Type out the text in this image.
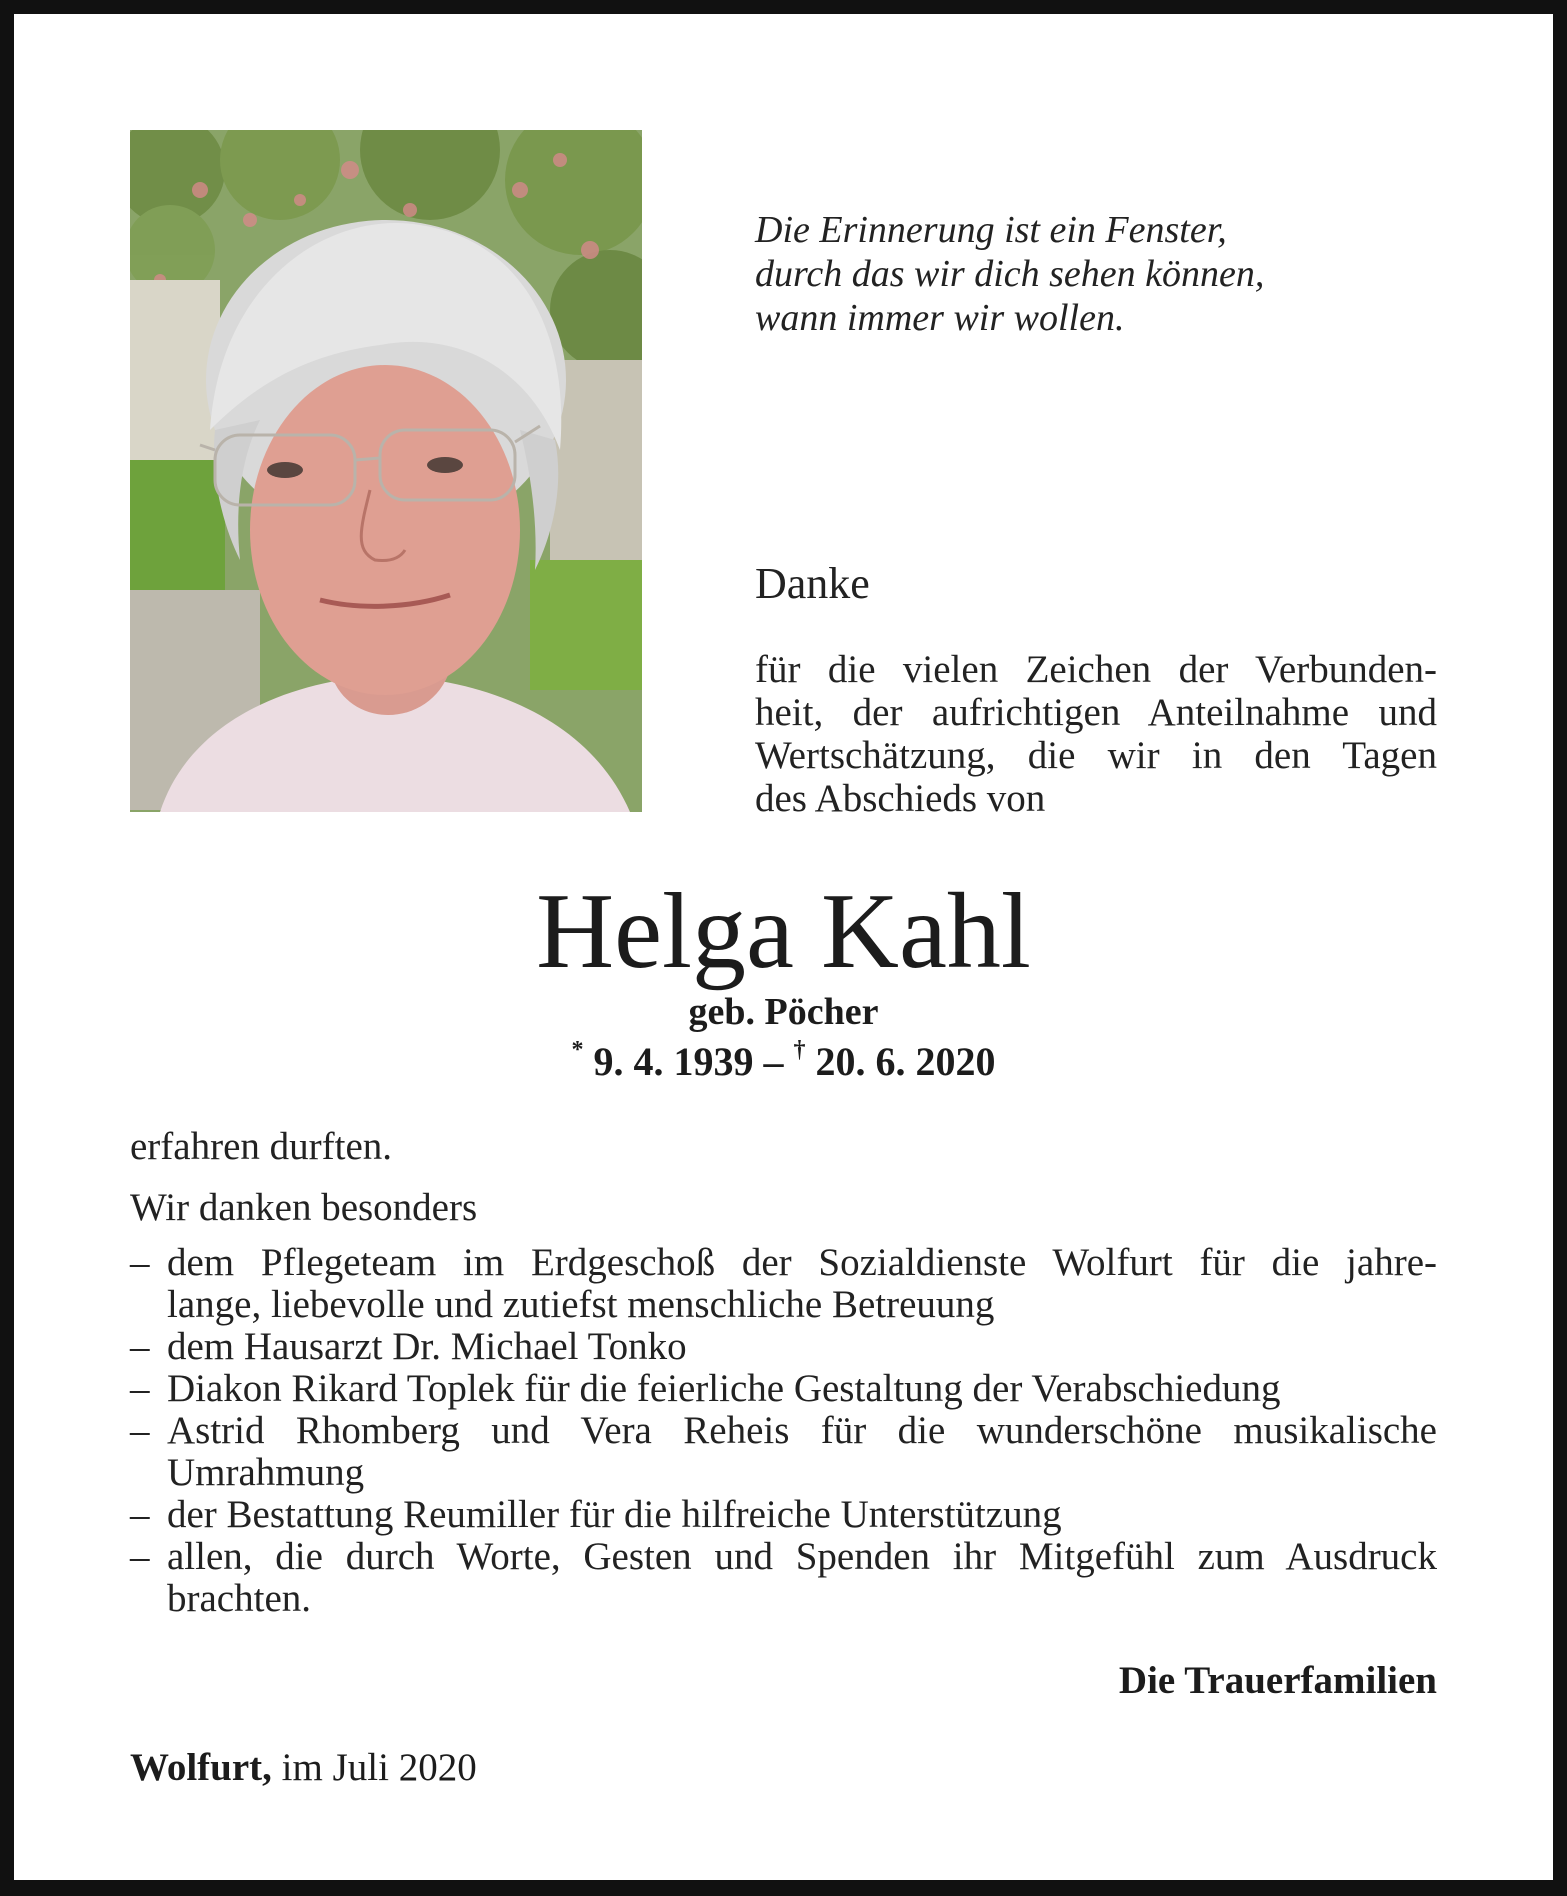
Die Erinnerung ist ein Fenster,
durch das wir dich sehen können,
wann immer wir wollen.
Danke
für die vielen Zeichen der Verbunden-
heit, der aufrichtigen Anteilnahme und
Wertschätzung, die wir in den Tagen
des Abschieds von
Helga Kahl
geb. Pöcher
* 9. 4. 1939 – † 20. 6. 2020
erfahren durften.
Wir danken besonders
– dem Pflegeteam im Erdgeschoß der Sozialdienste Wolfurt für die jahre-
lange, liebevolle und zutiefst menschliche Betreuung
– dem Hausarzt Dr. Michael Tonko
– Diakon Rikard Toplek für die feierliche Gestaltung der Verabschiedung
– Astrid Rhomberg und Vera Reheis für die wunderschöne musikalische
Umrahmung
– der Bestattung Reumiller für die hilfreiche Unterstützung
– allen, die durch Worte, Gesten und Spenden ihr Mitgefühl zum Ausdruck
brachten.
Die Trauerfamilien
Wolfurt, im Juli 2020
